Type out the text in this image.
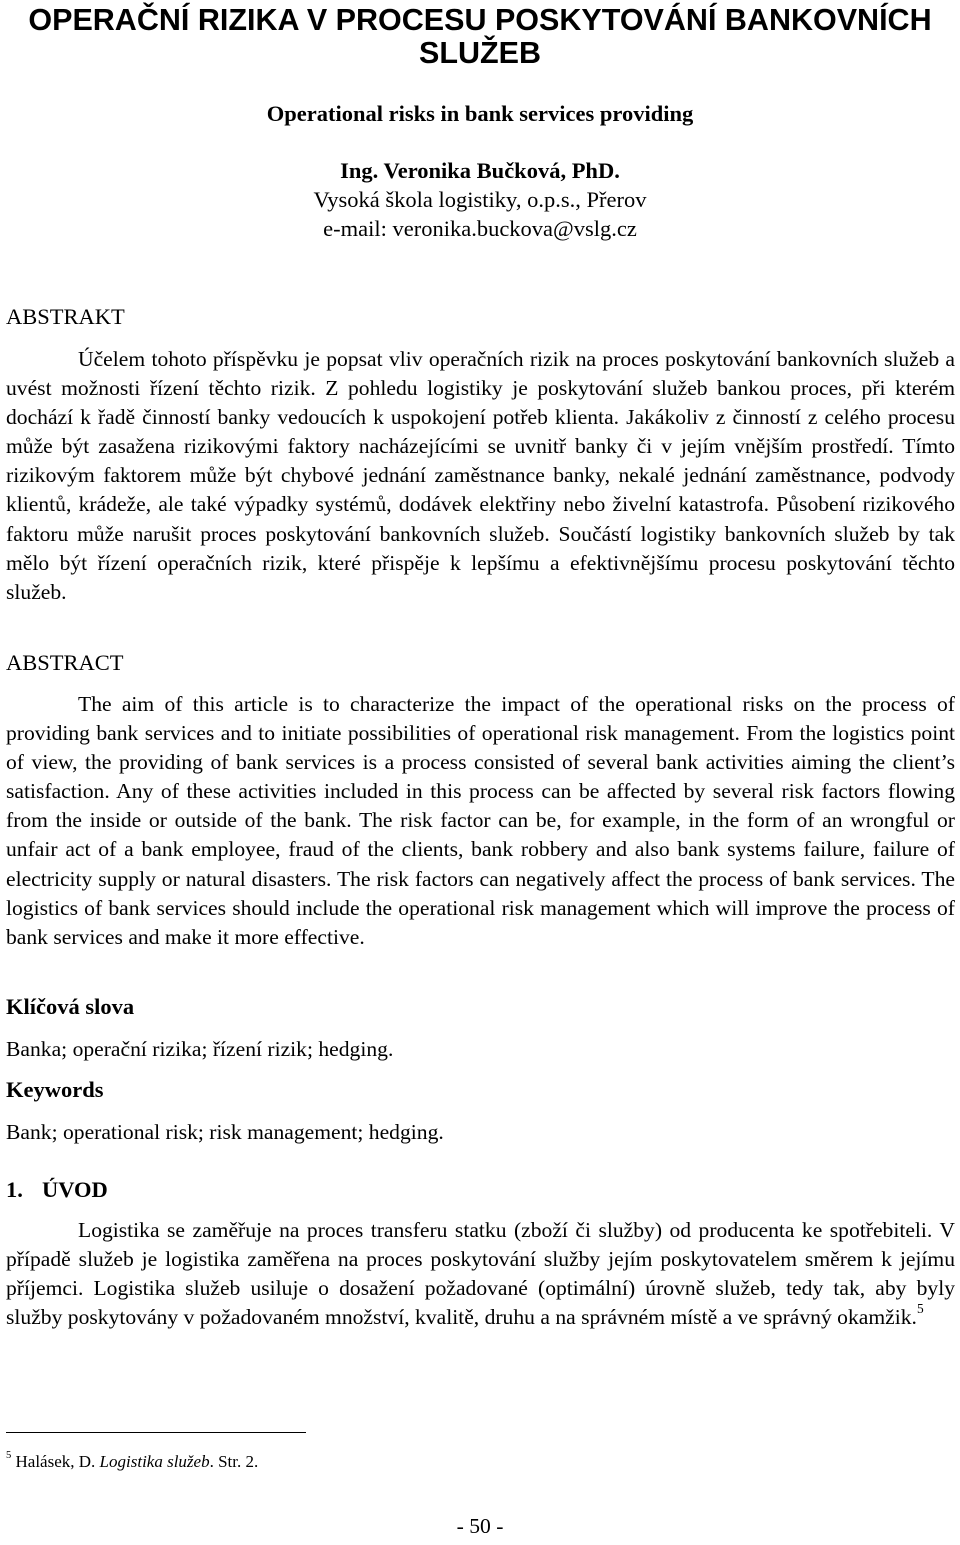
OPERAČNÍ RIZIKA V PROCESU POSKYTOVÁNÍ BANKOVNÍCH SLUŽEB
Operational risks in bank services providing
Ing. Veronika Bučková, PhD.
Vysoká škola logistiky, o.p.s., Přerov
e-mail: veronika.buckova@vslg.cz
ABSTRAKT

Účelem tohoto příspěvku je popsat vliv operačních rizik na proces poskytování bankovních služeb a uvést možnosti řízení těchto rizik. Z pohledu logistiky je poskytování služeb bankou proces, při kterém dochází k řadě činností banky vedoucích k uspokojení potřeb klienta. Jakákoliv z činností z celého procesu může být zasažena rizikovými faktory nacházejícími se uvnitř banky či v jejím vnějším prostředí. Tímto rizikovým faktorem může být chybové jednání zaměstnance banky, nekalé jednání zaměstnance, podvody klientů, krádeže, ale také výpadky systémů, dodávek elektřiny nebo živelní katastrofa. Působení rizikového faktoru může narušit proces poskytování bankovních služeb. Součástí logistiky bankovních služeb by tak mělo být řízení operačních rizik, které přispěje k lepšímu a efektivnějšímu procesu poskytování těchto služeb.

ABSTRACT

The aim of this article is to characterize the impact of the operational risks on the process of providing bank services and to initiate possibilities of operational risk management. From the logistics point of view, the providing of bank services is a process consisted of several bank activities aiming the client’s satisfaction. Any of these activities included in this process can be affected by several risk factors flowing from the inside or outside of the bank. The risk factor can be, for example, in the form of an wrongful or unfair act of a bank employee, fraud of the clients, bank robbery and also bank systems failure, failure of electricity supply or natural disasters. The risk factors can negatively affect the process of bank services. The logistics of bank services should include the operational risk management which will improve the process of bank services and make it more effective.

Klíčová slova
Banka; operační rizika; řízení rizik; hedging.
Keywords
Bank; operational risk; risk management; hedging.
1. ÚVOD

Logistika se zaměřuje na proces transferu statku (zboží či služby) od producenta ke spotřebiteli. V případě služeb je logistika zaměřena na proces poskytování služby jejím poskytovatelem směrem k jejímu příjemci. Logistika služeb usiluje o dosažení požadované (optimální) úrovně služeb, tedy tak, aby byly služby poskytovány v požadovaném množství, kvalitě, druhu a na správném místě a ve správný okamžik.$^5$

$^5$ Halásek, D. Logistika služeb. Str. 2.
- 50 -
